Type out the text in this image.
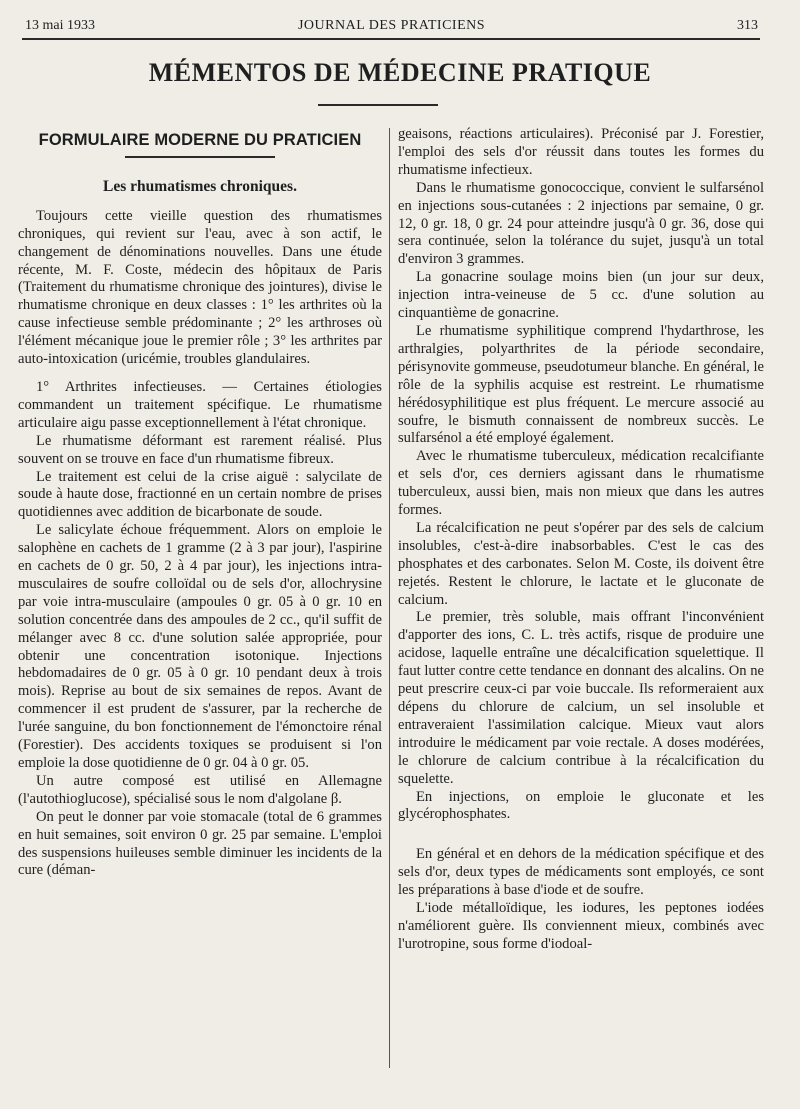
13 mai 1933	JOURNAL DES PRATICIENS	313
MÉMENTOS DE MÉDECINE PRATIQUE
FORMULAIRE MODERNE DU PRATICIEN
Les rhumatismes chroniques.

Toujours cette vieille question des rhumatismes chroniques, qui revient sur l'eau, avec à son actif, le changement de dénominations nouvelles. Dans une étude récente, M. F. Coste, médecin des hôpitaux de Paris (Traitement du rhumatisme chronique des jointures), divise le rhumatisme chronique en deux classes : 1° les arthrites où la cause infectieuse semble prédominante ; 2° les arthroses où l'élément mécanique joue le premier rôle ; 3° les arthrites par auto-intoxication (uricémie, troubles glandulaires.

1° Arthrites infectieuses. — Certaines étiologies commandent un traitement spécifique. Le rhumatisme articulaire aigu passe exceptionnellement à l'état chronique.

Le rhumatisme déformant est rarement réalisé. Plus souvent on se trouve en face d'un rhumatisme fibreux.

Le traitement est celui de la crise aiguë : salycilate de soude à haute dose, fractionné en un certain nombre de prises quotidiennes avec addition de bicarbonate de soude.

Le salicylate échoue fréquemment. Alors on emploie le salophène en cachets de 1 gramme (2 à 3 par jour), l'aspirine en cachets de 0 gr. 50, 2 à 4 par jour), les injections intra-musculaires de soufre colloïdal ou de sels d'or, allochrysine par voie intra-musculaire (ampoules 0 gr. 05 à 0 gr. 10 en solution concentrée dans des ampoules de 2 cc., qu'il suffit de mélanger avec 8 cc. d'une solution salée appropriée, pour obtenir une concentration isotonique. Injections hebdomadaires de 0 gr. 05 à 0 gr. 10 pendant deux à trois mois). Reprise au bout de six semaines de repos. Avant de commencer il est prudent de s'assurer, par la recherche de l'urée sanguine, du bon fonctionnement de l'émonctoire rénal (Forestier). Des accidents toxiques se produisent si l'on emploie la dose quotidienne de 0 gr. 04 à 0 gr. 05.

Un autre composé est utilisé en Allemagne (l'autothioglucose), spécialisé sous le nom d'algolane β.

On peut le donner par voie stomacale (total de 6 grammes en huit semaines, soit environ 0 gr. 25 par semaine. L'emploi des suspensions huileuses semble diminuer les incidents de la cure (déman-

geaisons, réactions articulaires). Préconisé par J. Forestier, l'emploi des sels d'or réussit dans toutes les formes du rhumatisme infectieux.

Dans le rhumatisme gonococcique, convient le sulfarsénol en injections sous-cutanées : 2 injections par semaine, 0 gr. 12, 0 gr. 18, 0 gr. 24 pour atteindre jusqu'à 0 gr. 36, dose qui sera continuée, selon la tolérance du sujet, jusqu'à un total d'environ 3 grammes.

La gonacrine soulage moins bien (un jour sur deux, injection intra-veineuse de 5 cc. d'une solution au cinquantième de gonacrine.

Le rhumatisme syphilitique comprend l'hydarthrose, les arthralgies, polyarthrites de la période secondaire, périsynovite gommeuse, pseudotumeur blanche. En général, le rôle de la syphilis acquise est restreint. Le rhumatisme hérédosyphilitique est plus fréquent. Le mercure associé au soufre, le bismuth connaissent de nombreux succès. Le sulfarsénol a été employé également.

Avec le rhumatisme tuberculeux, médication recalcifiante et sels d'or, ces derniers agissant dans le rhumatisme tuberculeux, aussi bien, mais non mieux que dans les autres formes.

La récalcification ne peut s'opérer par des sels de calcium insolubles, c'est-à-dire inabsorbables. C'est le cas des phosphates et des carbonates. Selon M. Coste, ils doivent être rejetés. Restent le chlorure, le lactate et le gluconate de calcium.

Le premier, très soluble, mais offrant l'inconvénient d'apporter des ions, C. L. très actifs, risque de produire une acidose, laquelle entraîne une décalcification squelettique. Il faut lutter contre cette tendance en donnant des alcalins. On ne peut prescrire ceux-ci par voie buccale. Ils reformeraient aux dépens du chlorure de calcium, un sel insoluble et entraveraient l'assimilation calcique. Mieux vaut alors introduire le médicament par voie rectale. A doses modérées, le chlorure de calcium contribue à la récalcification du squelette.

En injections, on emploie le gluconate et les glycérophosphates.

En général et en dehors de la médication spécifique et des sels d'or, deux types de médicaments sont employés, ce sont les préparations à base d'iode et de soufre.

L'iode métalloïdique, les iodures, les peptones iodées n'améliorent guère. Ils conviennent mieux, combinés avec l'urotropine, sous forme d'iodoal-
